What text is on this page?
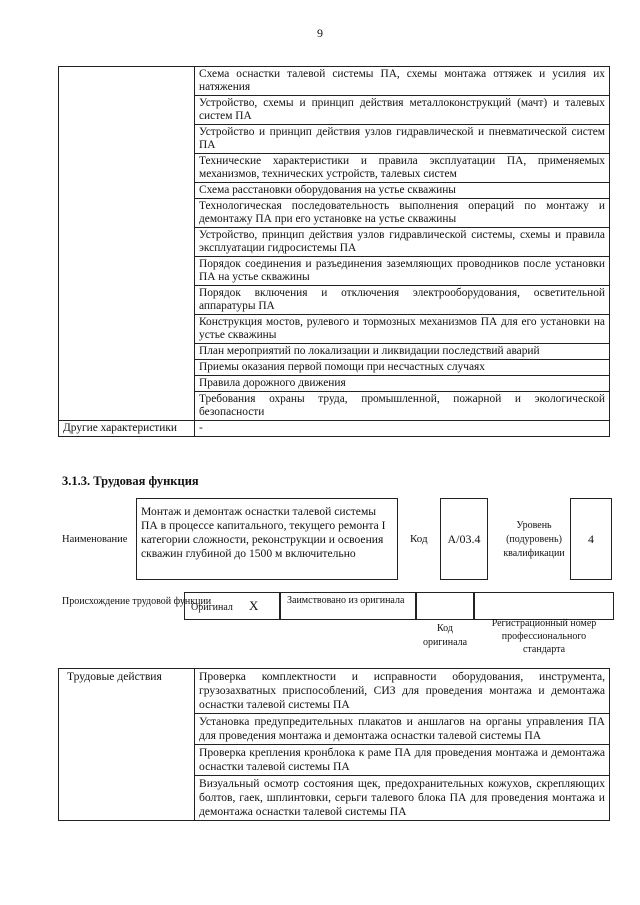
9
	Схема оснастки талевой системы ПА, схемы монтажа оттяжек и усилия их натяжения
	Устройство, схемы и принцип действия металлоконструкций (мачт) и талевых систем ПА
	Устройство и принцип действия узлов гидравлической и пневматической систем ПА
	Технические характеристики и правила эксплуатации ПА, применяемых механизмов, технических устройств, талевых систем
	Схема расстановки оборудования на устье скважины
	Технологическая последовательность выполнения операций по монтажу и демонтажу ПА при его установке на устье скважины
	Устройство, принцип действия узлов гидравлической системы, схемы и правила эксплуатации гидросистемы ПА
	Порядок соединения и разъединения заземляющих проводников после установки ПА на устье скважины
	Порядок включения и отключения электрооборудования, осветительной аппаратуры ПА
	Конструкция мостов, рулевого и тормозных механизмов ПА для его установки на устье скважины
	План мероприятий по локализации и ликвидации последствий аварий
	Приемы оказания первой помощи при несчастных случаях
	Правила дорожного движения
	Требования охраны труда, промышленной, пожарной и экологической безопасности
Другие характеристики	-
3.1.3. Трудовая функция
Наименование
Монтаж и демонтаж оснастки талевой системы ПА в процессе капитального, текущего ремонта I категории сложности, реконструкции и освоения скважин глубиной до 1500 м включительно
Код	А/03.4
Уровень (подуровень) квалификации
4
Происхождение трудовой функции
Оригинал Х	Заимствовано из оригинала
Код оригинала
Регистрационный номер профессионального стандарта
Трудовые действия	Проверка комплектности и исправности оборудования, инструмента, грузозахватных приспособлений, СИЗ для проведения монтажа и демонтажа оснастки талевой системы ПА
Установка предупредительных плакатов и аншлагов на органы управления ПА для проведения монтажа и демонтажа оснастки талевой системы ПА
Проверка крепления кронблока к раме ПА для проведения монтажа и демонтажа оснастки талевой системы ПА
Визуальный осмотр состояния щек, предохранительных кожухов, скрепляющих болтов, гаек, шплинтовки, серьги талевого блока ПА для проведения монтажа и демонтажа оснастки талевой системы ПА
